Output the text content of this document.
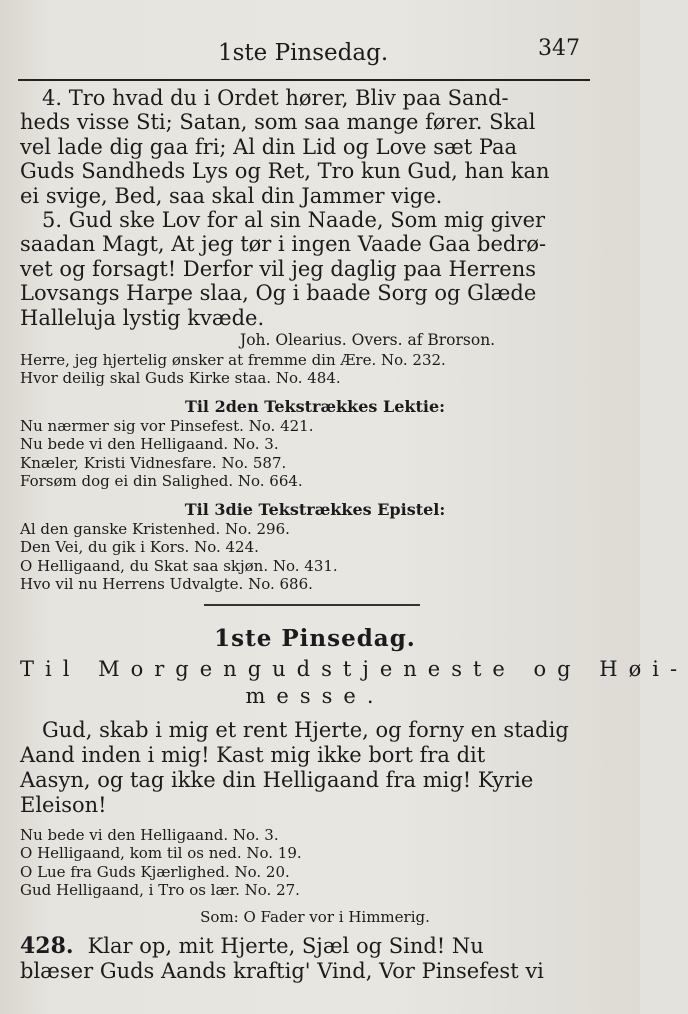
1ste Pinsedag.	347
4. Tro hvad du i Ordet hører, Bliv paa Sand-
heds visse Sti; Satan, som saa mange fører. Skal
vel lade dig gaa fri; Al din Lid og Love sæt Paa
Guds Sandheds Lys og Ret, Tro kun Gud, han kan
ei svige, Bed, saa skal din Jammer vige.
5. Gud ske Lov for al sin Naade, Som mig giver
saadan Magt, At jeg tør i ingen Vaade Gaa bedrø-
vet og forsagt! Derfor vil jeg daglig paa Herrens
Lovsangs Harpe slaa, Og i baade Sorg og Glæde
Halleluja lystig kvæde.
Joh. Olearius. Overs. af Brorson.
Herre, jeg hjertelig ønsker at fremme din Ære. No. 232.
Hvor deilig skal Guds Kirke staa. No. 484.
Til 2den Tekstrækkes Lektie:
Nu nærmer sig vor Pinsefest. No. 421.
Nu bede vi den Helligaand. No. 3.
Knæler, Kristi Vidnesfare. No. 587.
Forsøm dog ei din Salighed. No. 664.
Til 3die Tekstrækkes Epistel:
Al den ganske Kristenhed. No. 296.
Den Vei, du gik i Kors. No. 424.
O Helligaand, du Skat saa skjøn. No. 431.
Hvo vil nu Herrens Udvalgte. No. 686.
1ste Pinsedag.
Til Morgengudstjeneste og Høi-
messe.
Gud, skab i mig et rent Hjerte, og forny en stadig
Aand inden i mig! Kast mig ikke bort fra dit
Aasyn, og tag ikke din Helligaand fra mig! Kyrie
Eleison!
Nu bede vi den Helligaand. No. 3.
O Helligaand, kom til os ned. No. 19.
O Lue fra Guds Kjærlighed. No. 20.
Gud Helligaand, i Tro os lær. No. 27.
Som: O Fader vor i Himmerig.
428. Klar op, mit Hjerte, Sjæl og Sind! Nu
blæser Guds Aands kraftig' Vind, Vor Pinsefest vi
